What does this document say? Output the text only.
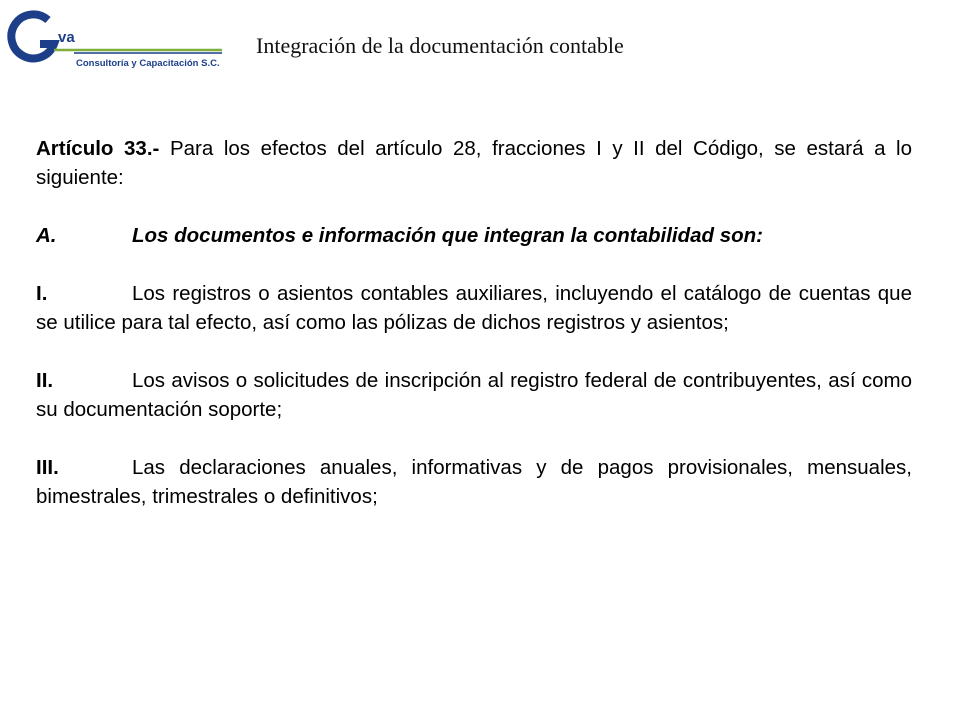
va
Consultoría y Capacitación S.C.
Integración de la documentación contable

Artículo 33.- Para los efectos del artículo 28, fracciones I y II del Código, se estará a lo siguiente:

A.	Los documentos e información que integran la contabilidad son:

I.	Los registros o asientos contables auxiliares, incluyendo el catálogo de cuentas que se utilice para tal efecto, así como las pólizas de dichos registros y asientos;

II.	Los avisos o solicitudes de inscripción al registro federal de contribuyentes, así como su documentación soporte;

III.	Las declaraciones anuales, informativas y de pagos provisionales, mensuales, bimestrales, trimestrales o definitivos;
